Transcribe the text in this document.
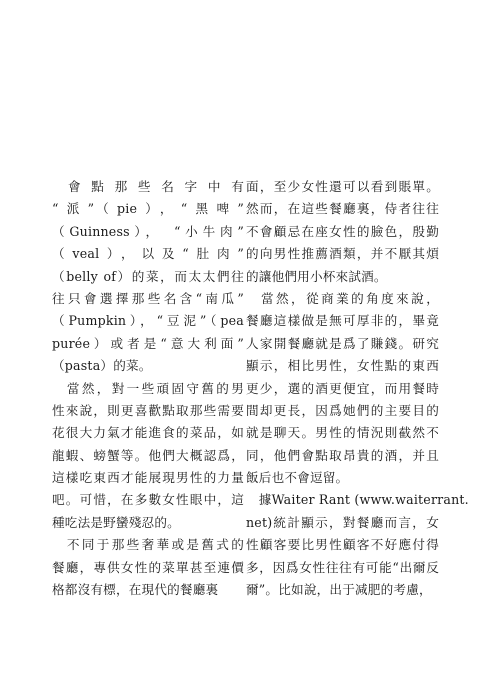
　會 點 那 些 名 字 中 有
“派”（pie），“黑啤”
（Guinness），　“小牛肉”
（veal），以及“肚肉”
（belly of）的菜，而太太們往
往只會選擇那些名含“南瓜”
（Pumpkin），“豆泥”（pea
purée）或者是“意大利面”
（pasta）的菜。
　當然，對一些頑固守舊的男
性來說，則更喜歡點取那些需要
花很大力氣才能進食的菜品，如
龍蝦、螃蟹等。他們大概認爲，
這樣吃東西才能展現男性的力量
吧。可惜，在多數女性眼中，這
種吃法是野蠻殘忍的。
　不同于那些奢華或是舊式的
餐廳，專供女性的菜單甚至連價
格都沒有標，在現代的餐廳裏
面，至少女性還可以看到賬單。
然而，在這些餐廳裏，侍者往往
不會顧忌在座女性的臉色，殷勤
的向男性推薦酒類，并不厭其煩
的讓他們用小杯來試酒。
　當然，從商業的角度來說，
餐廳這樣做是無可厚非的，畢竟
人家開餐廳就是爲了賺錢。研究
顯示，相比男性，女性點的東西
更少，選的酒更便宜，而用餐時
間却更長，因爲她們的主要目的
就是聊天。男性的情況則截然不
同，他們會點取昂貴的酒，并且
飯后也不會逗留。
　據Waiter Rant (www.waiterrant.
net)統計顯示，對餐廳而言，女
性顧客要比男性顧客不好應付得
多，因爲女性往往有可能“出爾反
爾”。比如說，出于减肥的考慮，
